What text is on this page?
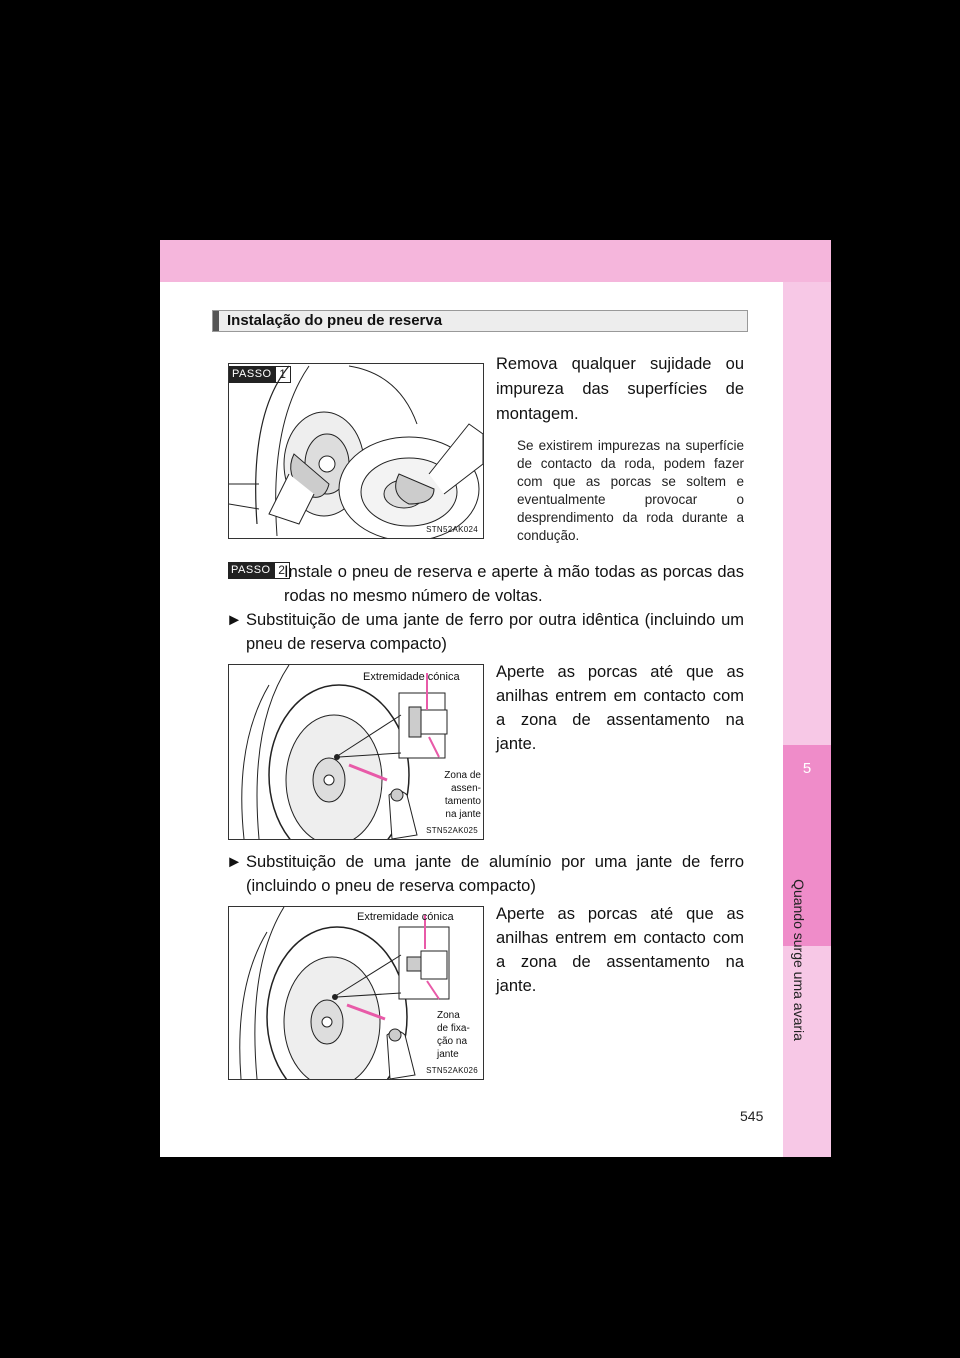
5
Quando surge uma avaria
Instalação do pneu de reserva
PASSO 1
STN52AK024
Remova qualquer sujidade ou impureza das superfícies de montagem.
Se existirem impurezas na superfície de contacto da roda, podem fazer com que as porcas se soltem e eventualmente provocar o desprendimento da roda durante a condução.
PASSO 2 Instale o pneu de reserva e aperte à mão todas as porcas das rodas no mesmo número de voltas.
► Substituição de uma jante de ferro por outra idêntica (incluindo um pneu de reserva compacto)
Extremidade cónica
Zona de
assen-
tamento
na jante
STN52AK025
Aperte as porcas até que as anilhas entrem em contacto com a zona de assentamento na jante.
► Substituição de uma jante de alumínio por uma jante de ferro (incluindo o pneu de reserva compacto)
Extremidade cónica
Zona
de fixa-
ção na
jante
STN52AK026
Aperte as porcas até que as anilhas entrem em contacto com a zona de assentamento na jante.
545
